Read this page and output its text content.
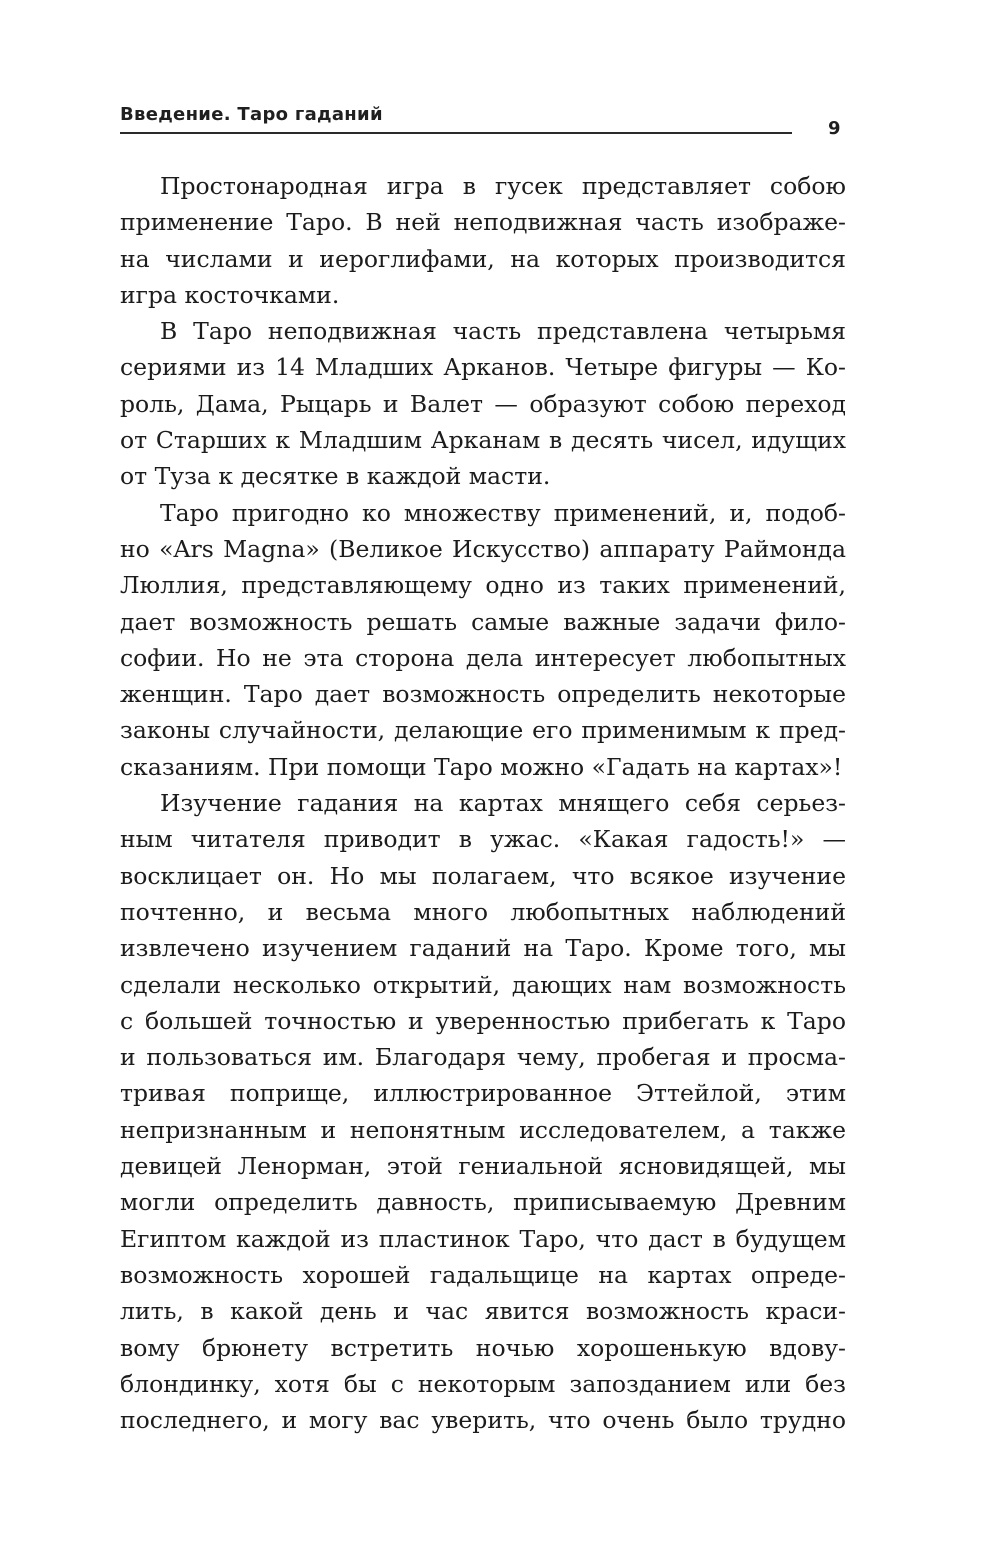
Введение. Таро гаданий
9
Простонародная игра в гусек представляет собою
применение Таро. В ней неподвижная часть изображе-
на числами и иероглифами, на которых производится
игра косточками.
В Таро неподвижная часть представлена четырьмя
сериями из 14 Младших Арканов. Четыре фигуры — Ко-
роль, Дама, Рыцарь и Валет — образуют собою переход
от Старших к Младшим Арканам в десять чисел, идущих
от Туза к десятке в каждой масти.
Таро пригодно ко множеству применений, и, подоб-
но «Ars Magna» (Великое Искусство) аппарату Раймонда
Люллия, представляющему одно из таких применений,
дает возможность решать самые важные задачи фило-
софии. Но не эта сторона дела интересует любопытных
женщин. Таро дает возможность определить некоторые
законы случайности, делающие его применимым к пред-
сказаниям. При помощи Таро можно «Гадать на картах»!
Изучение гадания на картах мнящего себя серьез-
ным читателя приводит в ужас. «Какая гадость!» —
восклицает он. Но мы полагаем, что всякое изучение
почтенно, и весьма много любопытных наблюдений
извлечено изучением гаданий на Таро. Кроме того, мы
сделали несколько открытий, дающих нам возможность
с большей точностью и уверенностью прибегать к Таро
и пользоваться им. Благодаря чему, пробегая и просма-
тривая поприще, иллюстрированное Эттейлой, этим
непризнанным и непонятным исследователем, а также
девицей Ленорман, этой гениальной ясновидящей, мы
могли определить давность, приписываемую Древним
Египтом каждой из пластинок Таро, что даст в будущем
возможность хорошей гадальщице на картах опреде-
лить, в какой день и час явится возможность краси-
вому брюнету встретить ночью хорошенькую вдову-
блондинку, хотя бы с некоторым запозданием или без
последнего, и могу вас уверить, что очень было трудно
